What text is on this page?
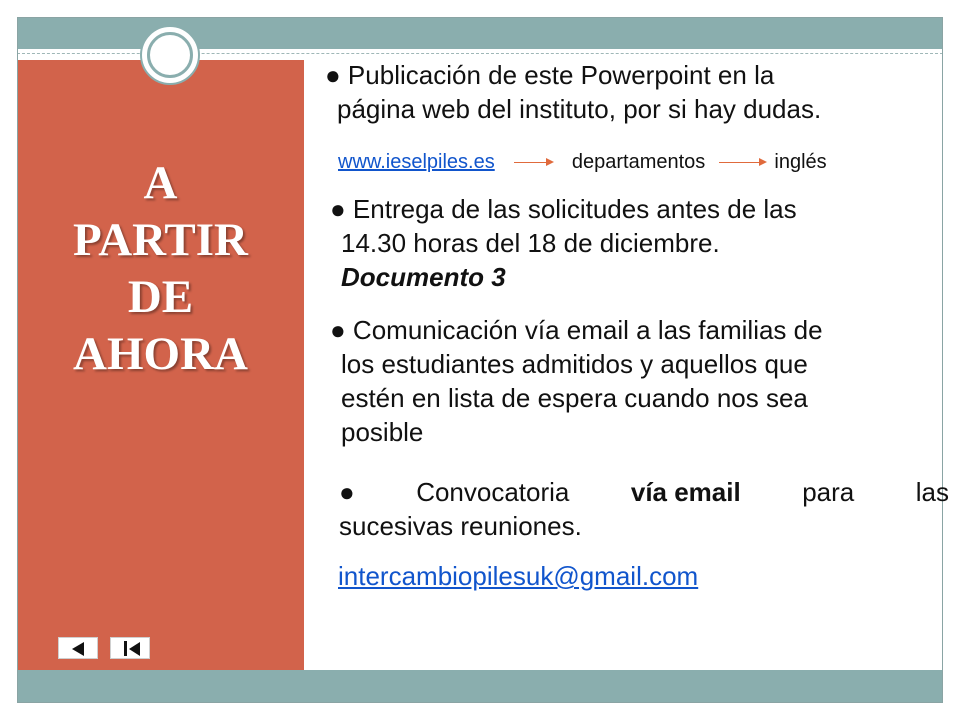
A
PARTIR
DE
AHORA
● Publicación de este Powerpoint en la
página web del instituto, por si hay dudas.
www.ieselpiles.es	departamentos	inglés
● Entrega de las solicitudes antes de las
14.30 horas del 18 de diciembre.
Documento 3
● Comunicación vía email a las familias de
los estudiantes admitidos y aquellos que
estén en lista de espera cuando nos sea
posible
● Convocatoria vía email para las
sucesivas reuniones.
intercambiopilesuk@gmail.com
